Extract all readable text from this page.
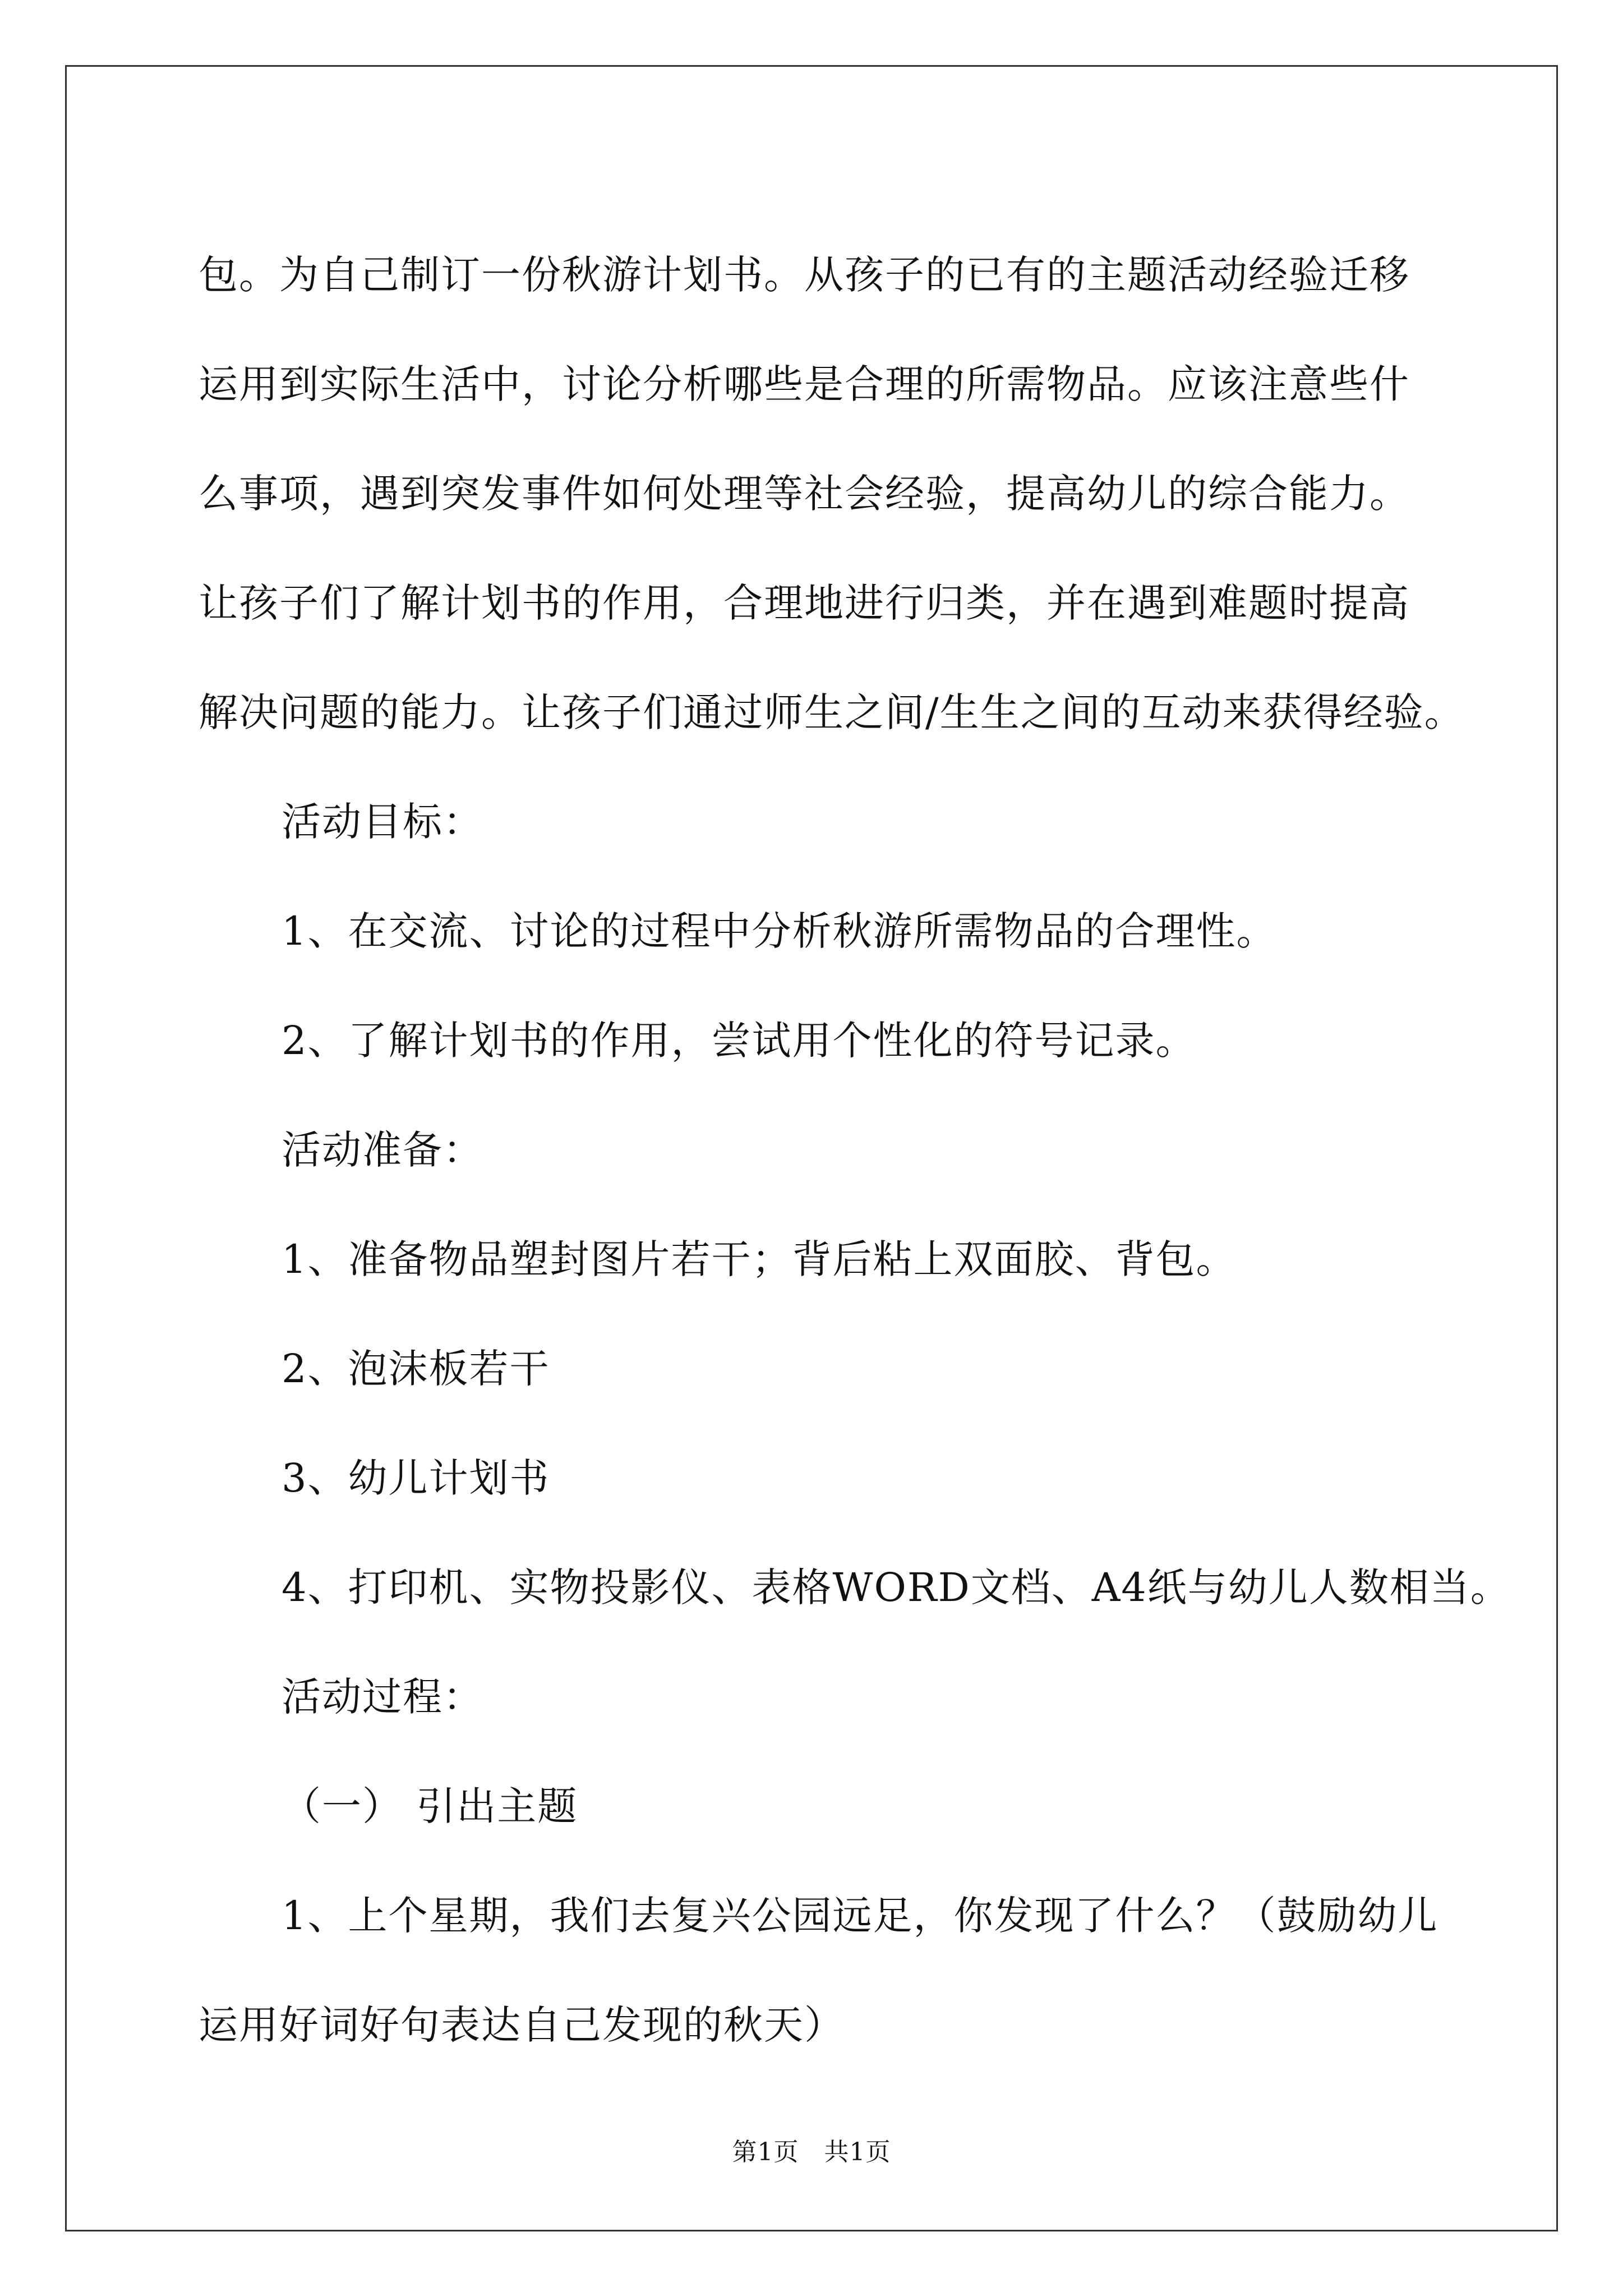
包。为自己制订一份秋游计划书。从孩子的已有的主题活动经验迁移

运用到实际生活中，讨论分析哪些是合理的所需物品。应该注意些什

么事项，遇到突发事件如何处理等社会经验，提高幼儿的综合能力。

让孩子们了解计划书的作用，合理地进行归类，并在遇到难题时提高

解决问题的能力。让孩子们通过师生之间/生生之间的互动来获得经验。

活动目标：

1、在交流、讨论的过程中分析秋游所需物品的合理性。

2、了解计划书的作用，尝试用个性化的符号记录。

活动准备：

1、准备物品塑封图片若干；背后粘上双面胶、背包。

2、泡沫板若干

3、幼儿计划书

4、打印机、实物投影仪、表格WORD文档、A4纸与幼儿人数相当。

活动过程：

（一） 引出主题

1、上个星期，我们去复兴公园远足，你发现了什么？（鼓励幼儿

运用好词好句表达自己发现的秋天）

第1页　共1页
